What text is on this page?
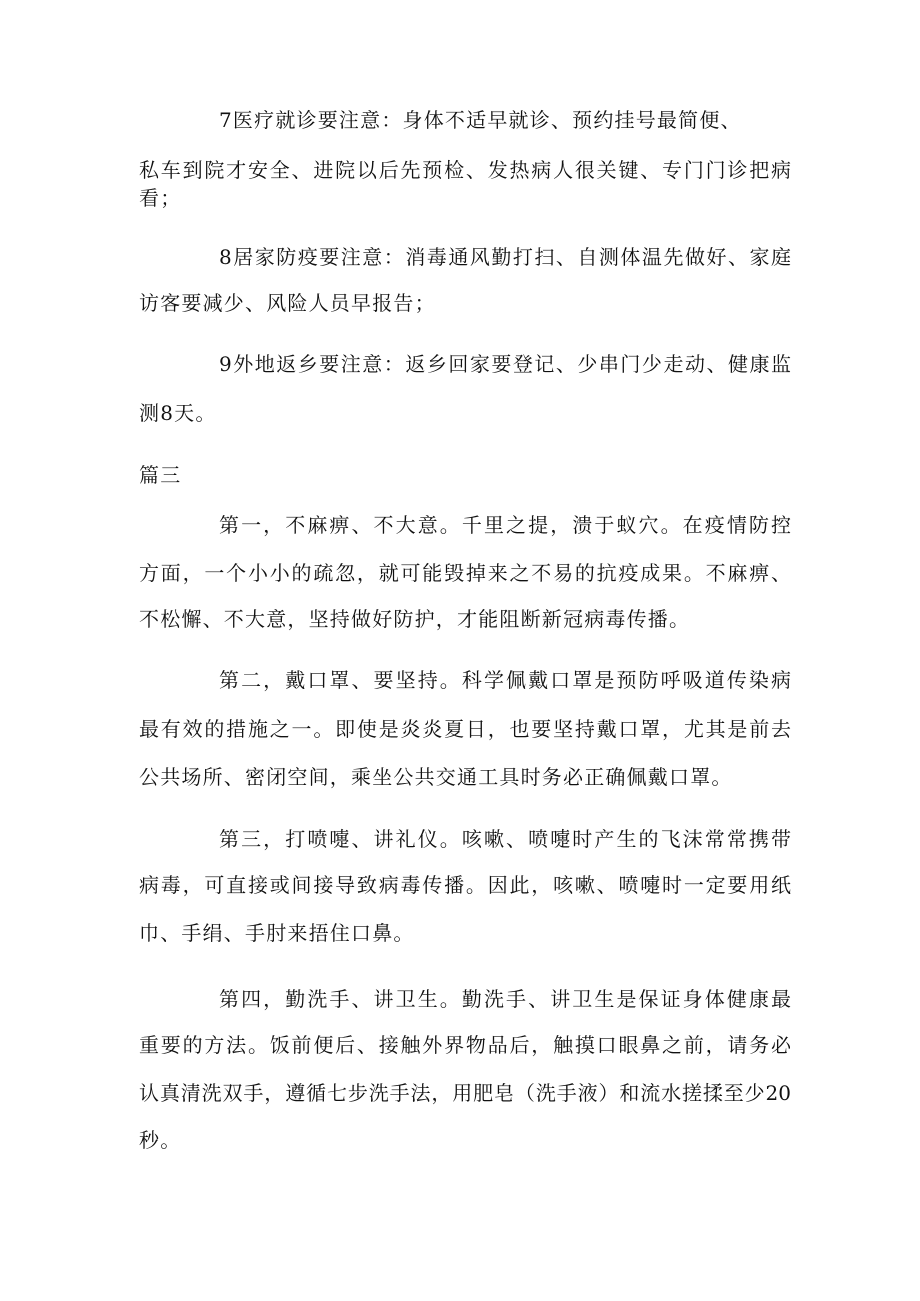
7医疗就诊要注意：身体不适早就诊、预约挂号最简便、
私车到院才安全、进院以后先预检、发热病人很关键、专门门诊把病
看；
8居家防疫要注意：消毒通风勤打扫、自测体温先做好、家庭
访客要减少、风险人员早报告；
9外地返乡要注意：返乡回家要登记、少串门少走动、健康监
测8天。
篇三
第一，不麻痹、不大意。千里之提，溃于蚁穴。在疫情防控
方面，一个小小的疏忽，就可能毁掉来之不易的抗疫成果。不麻痹、
不松懈、不大意，坚持做好防护，才能阻断新冠病毒传播。
第二，戴口罩、要坚持。科学佩戴口罩是预防呼吸道传染病
最有效的措施之一。即使是炎炎夏日，也要坚持戴口罩，尤其是前去
公共场所、密闭空间，乘坐公共交通工具时务必正确佩戴口罩。
第三，打喷嚏、讲礼仪。咳嗽、喷嚏时产生的飞沫常常携带
病毒，可直接或间接导致病毒传播。因此，咳嗽、喷嚏时一定要用纸
巾、手绢、手肘来捂住口鼻。
第四，勤洗手、讲卫生。勤洗手、讲卫生是保证身体健康最
重要的方法。饭前便后、接触外界物品后，触摸口眼鼻之前，请务必
认真清洗双手，遵循七步洗手法，用肥皂（洗手液）和流水搓揉至少20
秒。
